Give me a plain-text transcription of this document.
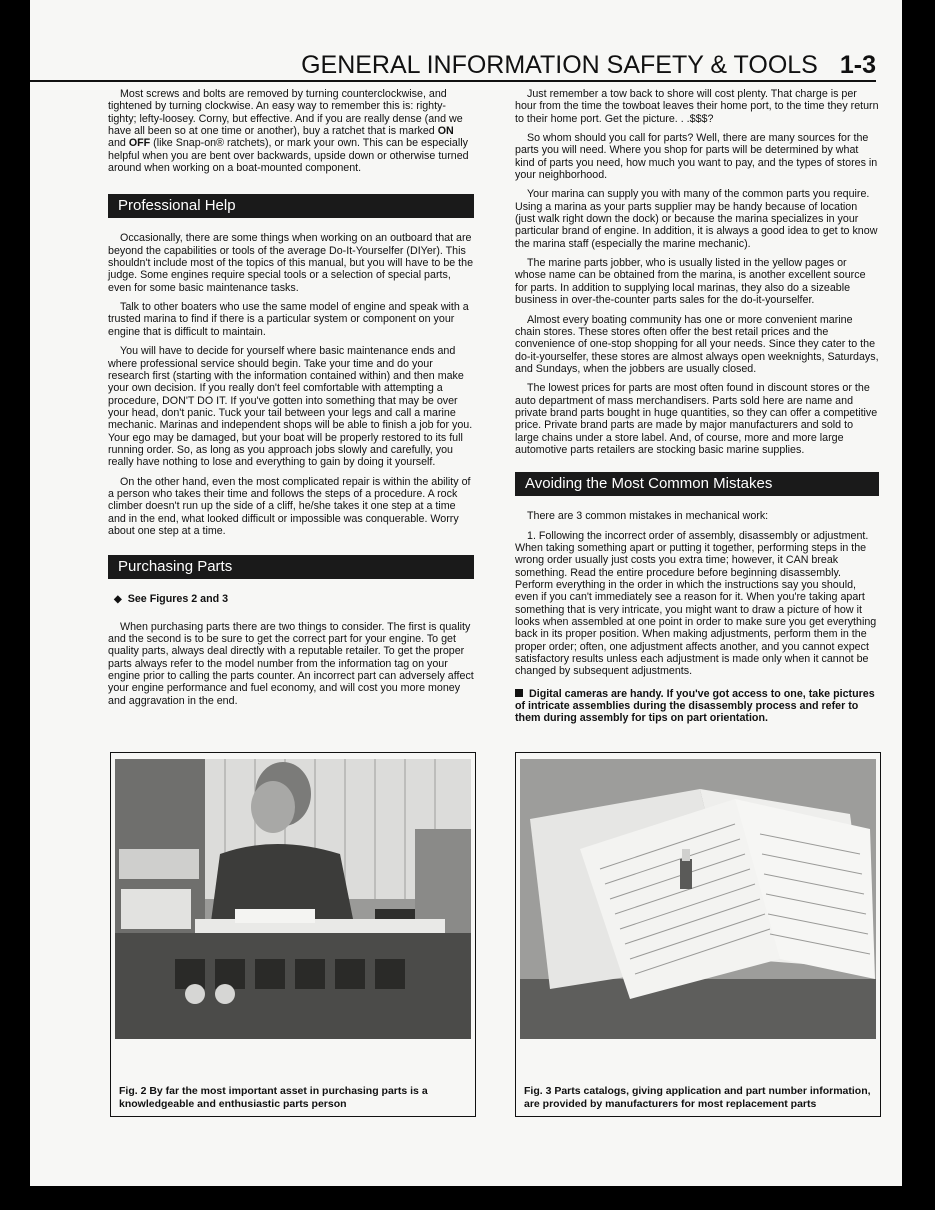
GENERAL INFORMATION SAFETY & TOOLS 1-3

Most screws and bolts are removed by turning counterclockwise, and tightened by turning clockwise. An easy way to remember this is: righty-tighty; lefty-loosey. Corny, but effective. And if you are really dense (and we have all been so at one time or another), buy a ratchet that is marked ON and OFF (like Snap-on® ratchets), or mark your own. This can be especially helpful when you are bent over backwards, upside down or otherwise turned around when working on a boat-mounted component.

Professional Help

Occasionally, there are some things when working on an outboard that are beyond the capabilities or tools of the average Do-It-Yourselfer (DIYer). This shouldn't include most of the topics of this manual, but you will have to be the judge. Some engines require special tools or a selection of special parts, even for some basic maintenance tasks.

Talk to other boaters who use the same model of engine and speak with a trusted marina to find if there is a particular system or component on your engine that is difficult to maintain.

You will have to decide for yourself where basic maintenance ends and where professional service should begin. Take your time and do your research first (starting with the information contained within) and then make your own decision. If you really don't feel comfortable with attempting a procedure, DON'T DO IT. If you've gotten into something that may be over your head, don't panic. Tuck your tail between your legs and call a marine mechanic. Marinas and independent shops will be able to finish a job for you. Your ego may be damaged, but your boat will be properly restored to its full running order. So, as long as you approach jobs slowly and carefully, you really have nothing to lose and everything to gain by doing it yourself.

On the other hand, even the most complicated repair is within the ability of a person who takes their time and follows the steps of a procedure. A rock climber doesn't run up the side of a cliff, he/she takes it one step at a time and in the end, what looked difficult or impossible was conquerable. Worry about one step at a time.

Purchasing Parts
◆ See Figures 2 and 3

When purchasing parts there are two things to consider. The first is quality and the second is to be sure to get the correct part for your engine. To get quality parts, always deal directly with a reputable retailer. To get the proper parts always refer to the model number from the information tag on your engine prior to calling the parts counter. An incorrect part can adversely affect your engine performance and fuel economy, and will cost you more money and aggravation in the end.

Just remember a tow back to shore will cost plenty. That charge is per hour from the time the towboat leaves their home port, to the time they return to their home port. Get the picture. . .$$$?

So whom should you call for parts? Well, there are many sources for the parts you will need. Where you shop for parts will be determined by what kind of parts you need, how much you want to pay, and the types of stores in your neighborhood.

Your marina can supply you with many of the common parts you require. Using a marina as your parts supplier may be handy because of location (just walk right down the dock) or because the marina specializes in your particular brand of engine. In addition, it is always a good idea to get to know the marina staff (especially the marine mechanic).

The marine parts jobber, who is usually listed in the yellow pages or whose name can be obtained from the marina, is another excellent source for parts. In addition to supplying local marinas, they also do a sizeable business in over-the-counter parts sales for the do-it-yourselfer.

Almost every boating community has one or more convenient marine chain stores. These stores often offer the best retail prices and the convenience of one-stop shopping for all your needs. Since they cater to the do-it-yourselfer, these stores are almost always open weeknights, Saturdays, and Sundays, when the jobbers are usually closed.

The lowest prices for parts are most often found in discount stores or the auto department of mass merchandisers. Parts sold here are name and private brand parts bought in huge quantities, so they can offer a competitive price. Private brand parts are made by major manufacturers and sold to large chains under a store label. And, of course, more and more large automotive parts retailers are stocking basic marine supplies.

Avoiding the Most Common Mistakes

There are 3 common mistakes in mechanical work:

1. Following the incorrect order of assembly, disassembly or adjustment. When taking something apart or putting it together, performing steps in the wrong order usually just costs you extra time; however, it CAN break something. Read the entire procedure before beginning disassembly. Perform everything in the order in which the instructions say you should, even if you can't immediately see a reason for it. When you're taking apart something that is very intricate, you might want to draw a picture of how it looks when assembled at one point in order to make sure you get everything back in its proper position. When making adjustments, perform them in the proper order; often, one adjustment affects another, and you cannot expect satisfactory results unless each adjustment is made only when it cannot be changed by subsequent adjustments.

Digital cameras are handy. If you've got access to one, take pictures of intricate assemblies during the disassembly process and refer to them during assembly for tips on part orientation.
Fig. 2 By far the most important asset in purchasing parts is a knowledgeable and enthusiastic parts person
Fig. 3 Parts catalogs, giving application and part number information, are provided by manufacturers for most replacement parts
